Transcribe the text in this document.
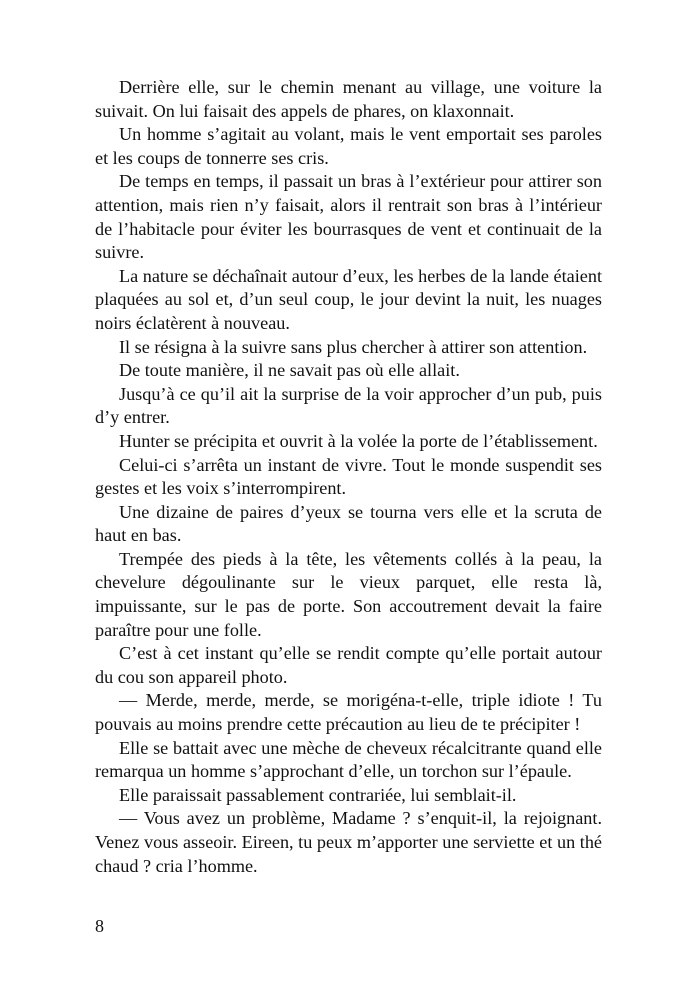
Derrière elle, sur le chemin menant au village, une voiture la suivait. On lui faisait des appels de phares, on klaxonnait.

Un homme s’agitait au volant, mais le vent emportait ses paroles et les coups de tonnerre ses cris.

De temps en temps, il passait un bras à l’extérieur pour attirer son attention, mais rien n’y faisait, alors il rentrait son bras à l’intérieur de l’habitacle pour éviter les bourrasques de vent et continuait de la suivre.

La nature se déchaînait autour d’eux, les herbes de la lande étaient plaquées au sol et, d’un seul coup, le jour devint la nuit, les nuages noirs éclatèrent à nouveau.

Il se résigna à la suivre sans plus chercher à attirer son attention.

De toute manière, il ne savait pas où elle allait.

Jusqu’à ce qu’il ait la surprise de la voir approcher d’un pub, puis d’y entrer.

Hunter se précipita et ouvrit à la volée la porte de l’établissement.

Celui-ci s’arrêta un instant de vivre. Tout le monde suspendit ses gestes et les voix s’interrompirent.

Une dizaine de paires d’yeux se tourna vers elle et la scruta de haut en bas.

Trempée des pieds à la tête, les vêtements collés à la peau, la chevelure dégoulinante sur le vieux parquet, elle resta là, impuissante, sur le pas de porte. Son accoutrement devait la faire paraître pour une folle.

C’est à cet instant qu’elle se rendit compte qu’elle portait autour du cou son appareil photo.

— Merde, merde, merde, se morigéna-t-elle, triple idiote ! Tu pouvais au moins prendre cette précaution au lieu de te précipiter !

Elle se battait avec une mèche de cheveux récalcitrante quand elle remarqua un homme s’approchant d’elle, un torchon sur l’épaule.

Elle paraissait passablement contrariée, lui semblait-il.

— Vous avez un problème, Madame ? s’enquit-il, la rejoignant. Venez vous asseoir. Eireen, tu peux m’apporter une serviette et un thé chaud ? cria l’homme.

8
